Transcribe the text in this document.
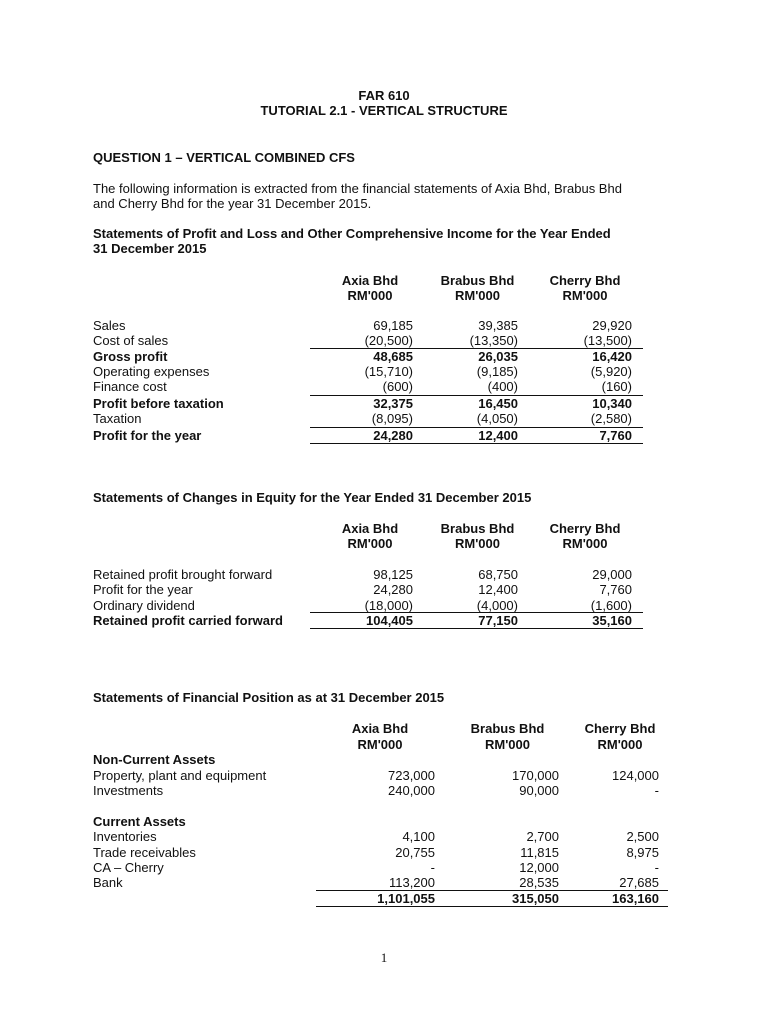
FAR 610
TUTORIAL 2.1 - VERTICAL STRUCTURE
QUESTION 1 – VERTICAL COMBINED CFS
The following information is extracted from the financial statements of Axia Bhd, Brabus Bhd
and Cherry Bhd for the year 31 December 2015.
Statements of Profit and Loss and Other Comprehensive Income for the Year Ended
31 December 2015
Axia Bhd	Brabus Bhd	Cherry Bhd
RM'000	RM'000	RM'000
Sales	69,185	39,385	29,920
Cost of sales	(20,500)	(13,350)	(13,500)
Gross profit	48,685	26,035	16,420
Operating expenses	(15,710)	(9,185)	(5,920)
Finance cost	(600)	(400)	(160)
Profit before taxation	32,375	16,450	10,340
Taxation	(8,095)	(4,050)	(2,580)
Profit for the year	24,280	12,400	7,760
Statements of Changes in Equity for the Year Ended 31 December 2015
Axia Bhd	Brabus Bhd	Cherry Bhd
RM'000	RM'000	RM'000
Retained profit brought forward	98,125	68,750	29,000
Profit for the year	24,280	12,400	7,760
Ordinary dividend	(18,000)	(4,000)	(1,600)
Retained profit carried forward	104,405	77,150	35,160
Statements of Financial Position as at 31 December 2015
Axia Bhd	Brabus Bhd	Cherry Bhd
RM'000	RM'000	RM'000
Non-Current Assets
Property, plant and equipment	723,000	170,000	124,000
Investments	240,000	90,000	-
Current Assets
Inventories	4,100	2,700	2,500
Trade receivables	20,755	11,815	8,975
CA – Cherry	-	12,000	-
Bank	113,200	28,535	27,685
1,101,055	315,050	163,160
1
